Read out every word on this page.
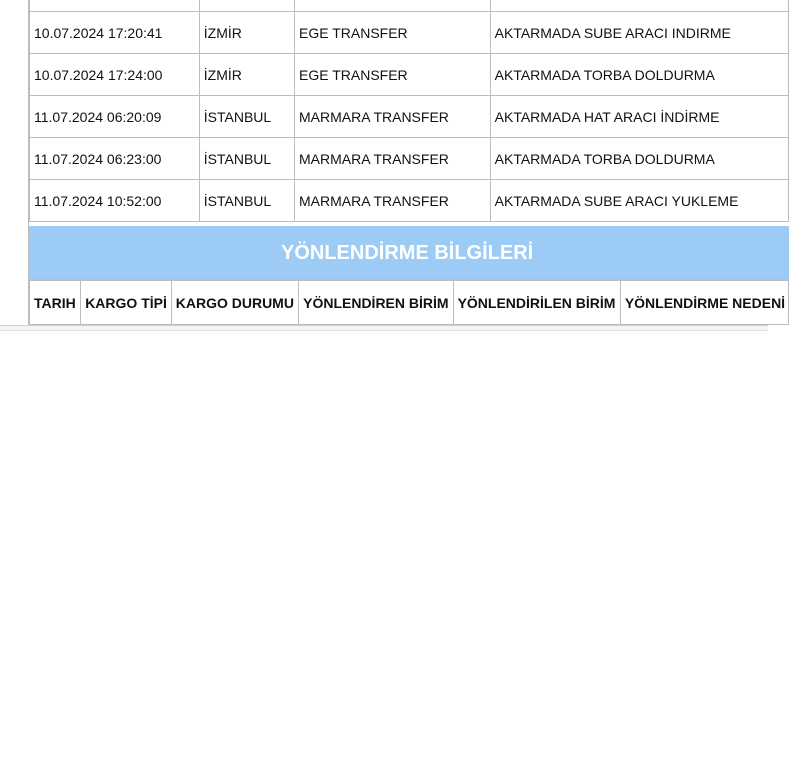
10.07.2024 17:20:41	İZMİR	EGE TRANSFER	AKTARMADA SUBE ARACI INDIRME
10.07.2024 17:24:00	İZMİR	EGE TRANSFER	AKTARMADA TORBA DOLDURMA
11.07.2024 06:20:09	İSTANBUL	MARMARA TRANSFER	AKTARMADA HAT ARACI İNDİRME
11.07.2024 06:23:00	İSTANBUL	MARMARA TRANSFER	AKTARMADA TORBA DOLDURMA
11.07.2024 10:52:00	İSTANBUL	MARMARA TRANSFER	AKTARMADA SUBE ARACI YUKLEME
YÖNLENDİRME BİLGİLERİ
TARIH	KARGO TİPİ	KARGO DURUMU	YÖNLENDİREN BİRİM	YÖNLENDİRİLEN BİRİM	YÖNLENDİRME NEDENİ
